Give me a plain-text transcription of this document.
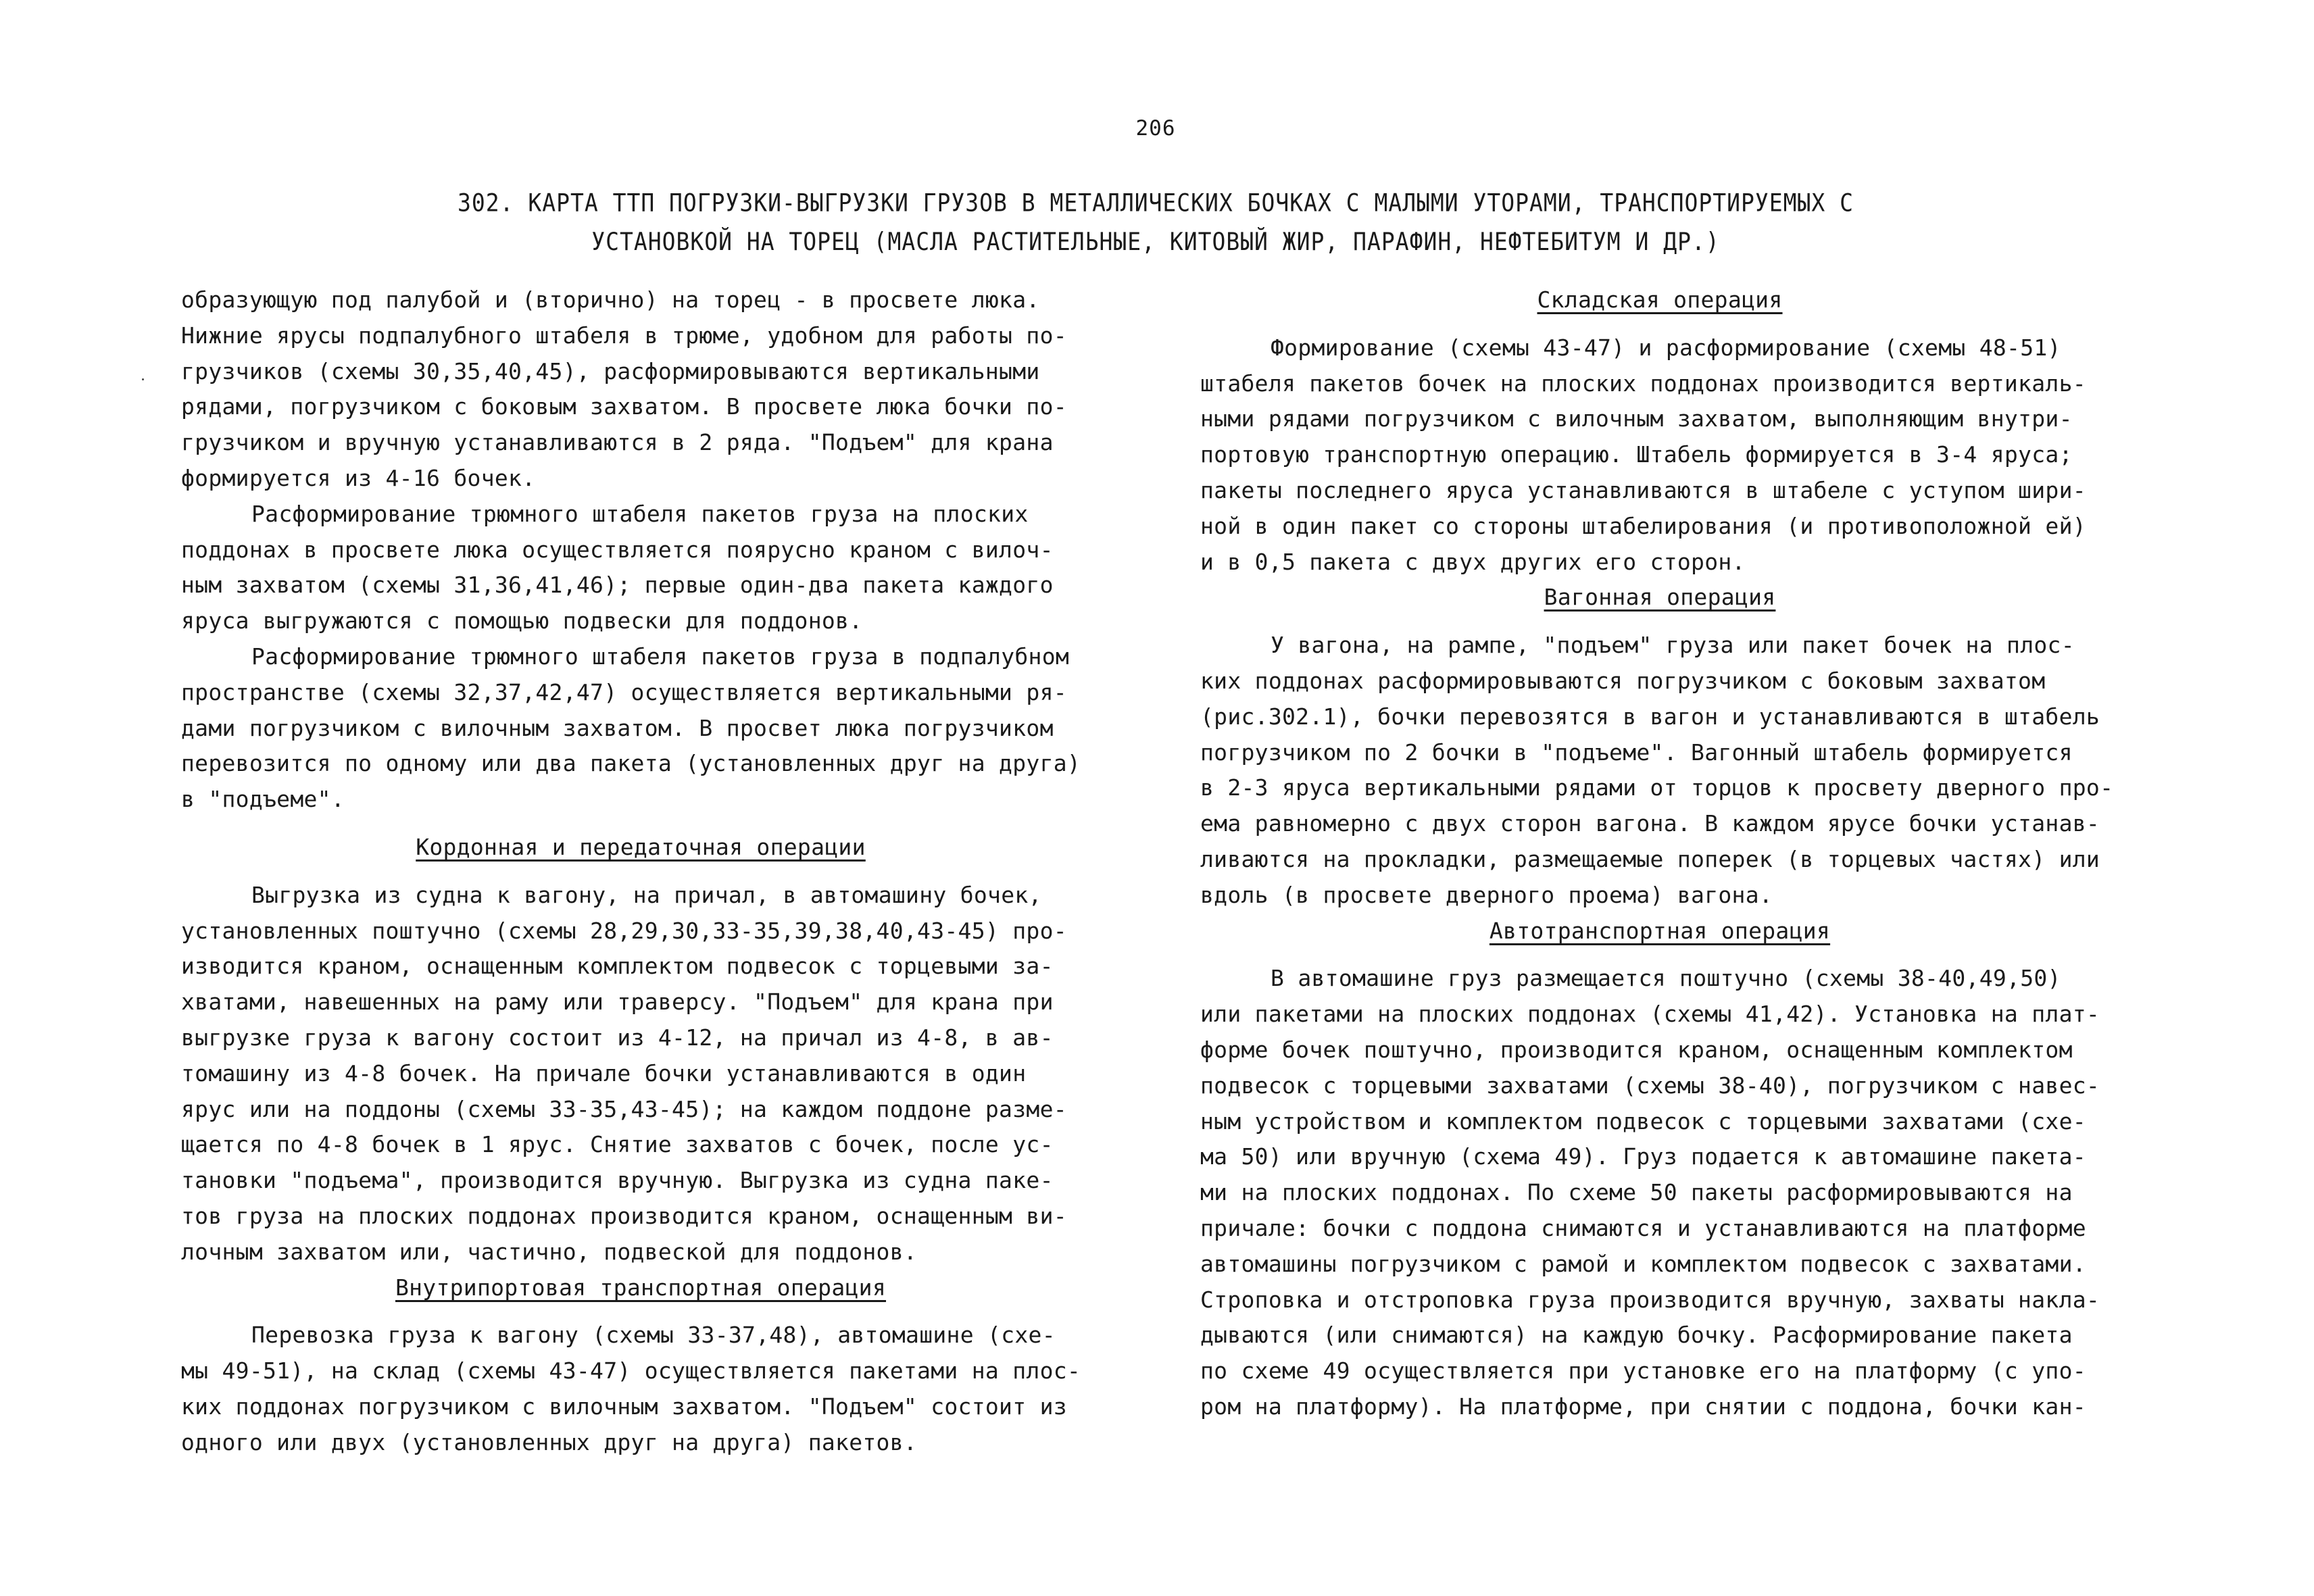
206
302. КАРТА ТТП ПОГРУЗКИ-ВЫГРУЗКИ ГРУЗОВ В МЕТАЛЛИЧЕСКИХ БОЧКАХ С МАЛЫМИ УТОРАМИ, ТРАНСПОРТИРУЕМЫХ С
УСТАНОВКОЙ НА ТОРЕЦ (МАСЛА РАСТИТЕЛЬНЫЕ, КИТОВЫЙ ЖИР, ПАРАФИН, НЕФТЕБИТУМ И ДР.)
образующую под палубой и (вторично) на торец - в просвете люка.
Нижние ярусы подпалубного штабеля в трюме, удобном для работы по-
грузчиков (схемы 30,35,40,45), расформировываются вертикальными
рядами, погрузчиком с боковым захватом. В просвете люка бочки по-
грузчиком и вручную устанавливаются в 2 ряда. "Подъем" для крана
формируется из 4-16 бочек.
Расформирование трюмного штабеля пакетов груза на плоских
поддонах в просвете люка осуществляется поярусно краном с вилоч-
ным захватом (схемы 31,36,41,46); первые один-два пакета каждого
яруса выгружаются с помощью подвески для поддонов.
Расформирование трюмного штабеля пакетов груза в подпалубном
пространстве (схемы 32,37,42,47) осуществляется вертикальными ря-
дами погрузчиком с вилочным захватом. В просвет люка погрузчиком
перевозится по одному или два пакета (установленных друг на друга)
в "подъеме".
Кордонная и передаточная операции
Выгрузка из судна к вагону, на причал, в автомашину бочек,
установленных поштучно (схемы 28,29,30,33-35,39,38,40,43-45) про-
изводится краном, оснащенным комплектом подвесок с торцевыми за-
хватами, навешенных на раму или траверсу. "Подъем" для крана при
выгрузке груза к вагону состоит из 4-12, на причал из 4-8, в ав-
томашину из 4-8 бочек. На причале бочки устанавливаются в один
ярус или на поддоны (схемы 33-35,43-45); на каждом поддоне разме-
щается по 4-8 бочек в 1 ярус. Снятие захватов с бочек, после ус-
тановки "подъема", производится вручную. Выгрузка из судна паке-
тов груза на плоских поддонах производится краном, оснащенным ви-
лочным захватом или, частично, подвеской для поддонов.
Внутрипортовая транспортная операция
Перевозка груза к вагону (схемы 33-37,48), автомашине (схе-
мы 49-51), на склад (схемы 43-47) осуществляется пакетами на плос-
ких поддонах погрузчиком с вилочным захватом. "Подъем" состоит из
одного или двух (установленных друг на друга) пакетов.
Складская операция
Формирование (схемы 43-47) и расформирование (схемы 48-51)
штабеля пакетов бочек на плоских поддонах производится вертикаль-
ными рядами погрузчиком с вилочным захватом, выполняющим внутри-
портовую транспортную операцию. Штабель формируется в 3-4 яруса;
пакеты последнего яруса устанавливаются в штабеле с уступом шири-
ной в один пакет со стороны штабелирования (и противоположной ей)
и в 0,5 пакета с двух других его сторон.
Вагонная операция
У вагона, на рампе, "подъем" груза или пакет бочек на плос-
ких поддонах расформировываются погрузчиком с боковым захватом
(рис.302.1), бочки перевозятся в вагон и устанавливаются в штабель
погрузчиком по 2 бочки в "подъеме". Вагонный штабель формируется
в 2-3 яруса вертикальными рядами от торцов к просвету дверного про-
ема равномерно с двух сторон вагона. В каждом ярусе бочки устанав-
ливаются на прокладки, размещаемые поперек (в торцевых частях) или
вдоль (в просвете дверного проема) вагона.
Автотранспортная операция
В автомашине груз размещается поштучно (схемы 38-40,49,50)
или пакетами на плоских поддонах (схемы 41,42). Установка на плат-
форме бочек поштучно, производится краном, оснащенным комплектом
подвесок с торцевыми захватами (схемы 38-40), погрузчиком с навес-
ным устройством и комплектом подвесок с торцевыми захватами (схе-
ма 50) или вручную (схема 49). Груз подается к автомашине пакета-
ми на плоских поддонах. По схеме 50 пакеты расформировываются на
причале: бочки с поддона снимаются и устанавливаются на платформе
автомашины погрузчиком с рамой и комплектом подвесок с захватами.
Строповка и отстроповка груза производится вручную, захваты накла-
дываются (или снимаются) на каждую бочку. Расформирование пакета
по схеме 49 осуществляется при установке его на платформу (с упо-
ром на платформу). На платформе, при снятии с поддона, бочки кан-
